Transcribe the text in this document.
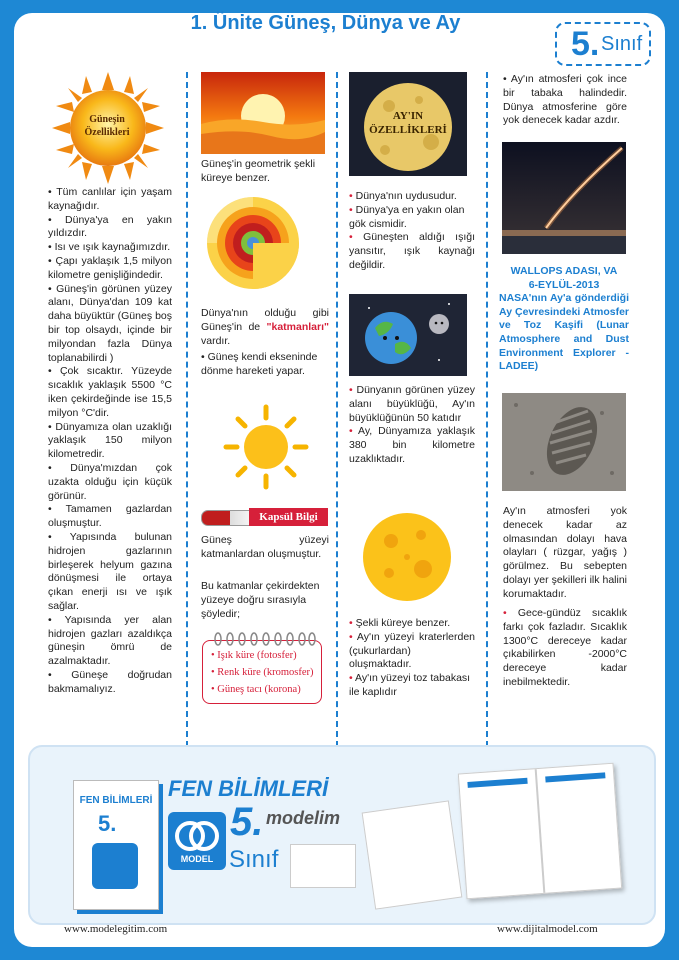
1. Ünite Güneş, Dünya ve Ay
5. Sınıf
Güneşin Özellikleri

• Tüm canlılar için yaşam kaynağıdır.

• Dünya'ya en yakın yıldızdır.

• Isı ve ışık kaynağımızdır.

• Çapı yaklaşık 1,5 milyon kilometre genişliğindedir.

• Güneş'in görünen yüzey alanı, Dünya'dan 109 kat daha büyüktür (Güneş boş bir top olsaydı, içinde bir milyondan fazla Dünya toplanabilirdi )

• Çok sıcaktır. Yüzeyde sıcaklık yaklaşık 5500 °C iken çekirdeğinde ise 15,5 milyon °C'dir.

• Dünyamıza olan uzaklığı yaklaşık 150 milyon kilometredir.

• Dünya'mızdan çok uzakta olduğu için küçük görünür.

• Tamamen gazlardan oluşmuştur.

• Yapısında bulunan hidrojen gazlarının birleşerek helyum gazına dönüşmesi ile ortaya çıkan enerji ısı ve ışık sağlar.

• Yapısında yer alan hidrojen gazları azaldıkça güneşin ömrü de azalmaktadır.

• Güneşe doğrudan bakmamalıyız.

Güneş'in geometrik şekli küreye benzer.
Dünya'nın olduğu gibi Güneş'in de "katmanları" vardır.
• Güneş kendi ekseninde dönme hareketi yapar.
Kapsül Bilgi
Güneş yüzeyi katmanlardan oluşmuştur.
Bu katmanlar çekirdekten yüzeye doğru sırasıyla şöyledir;
• Işık küre (fotosfer)
• Renk küre (kromosfer)
• Güneş tacı (korona)
AY'IN
ÖZELLİKLERİ

• Dünya'nın uydusudur.

• Dünya'ya en yakın olan gök cismidir.

• Güneşten aldığı ışığı yansıtır, ışık kaynağı değildir.

• Dünyanın görünen yüzey alanı büyüklüğü, Ay'ın büyüklüğünün 50 katıdır

• Ay, Dünyamıza yaklaşık 380 bin kilometre uzaklıktadır.

• Şekli küreye benzer.

• Ay'ın yüzeyi kraterlerden (çukurlardan) oluşmaktadır.

• Ay'ın yüzeyi toz tabakası ile kaplıdır

• Ay'ın atmosferi çok ince bir tabaka halindedir. Dünya atmosferine göre yok denecek kadar azdır.
WALLOPS ADASI, VA
6-EYLÜL-2013
NASA'nın Ay'a gönderdiği Ay Çevresindeki Atmosfer ve Toz Kaşifi (Lunar Atmosphere and Dust Environment Explorer -LADEE)
Ay'ın atmosferi yok denecek kadar az olmasından dolayı hava olayları ( rüzgar, yağış ) görülmez. Bu sebepten dolayı yer şekilleri ilk halini korumaktadır.
• Gece-gündüz sıcaklık farkı çok fazladır. Sıcaklık 1300°C dereceye kadar çıkabilirken -2000°C dereceye kadar inebilmektedir.
FEN BİLİMLERİ
5.
FEN BİLİMLERİ
MODEL
5. modelim
Sınıf
www.modelegitim.com	www.dijitalmodel.com
